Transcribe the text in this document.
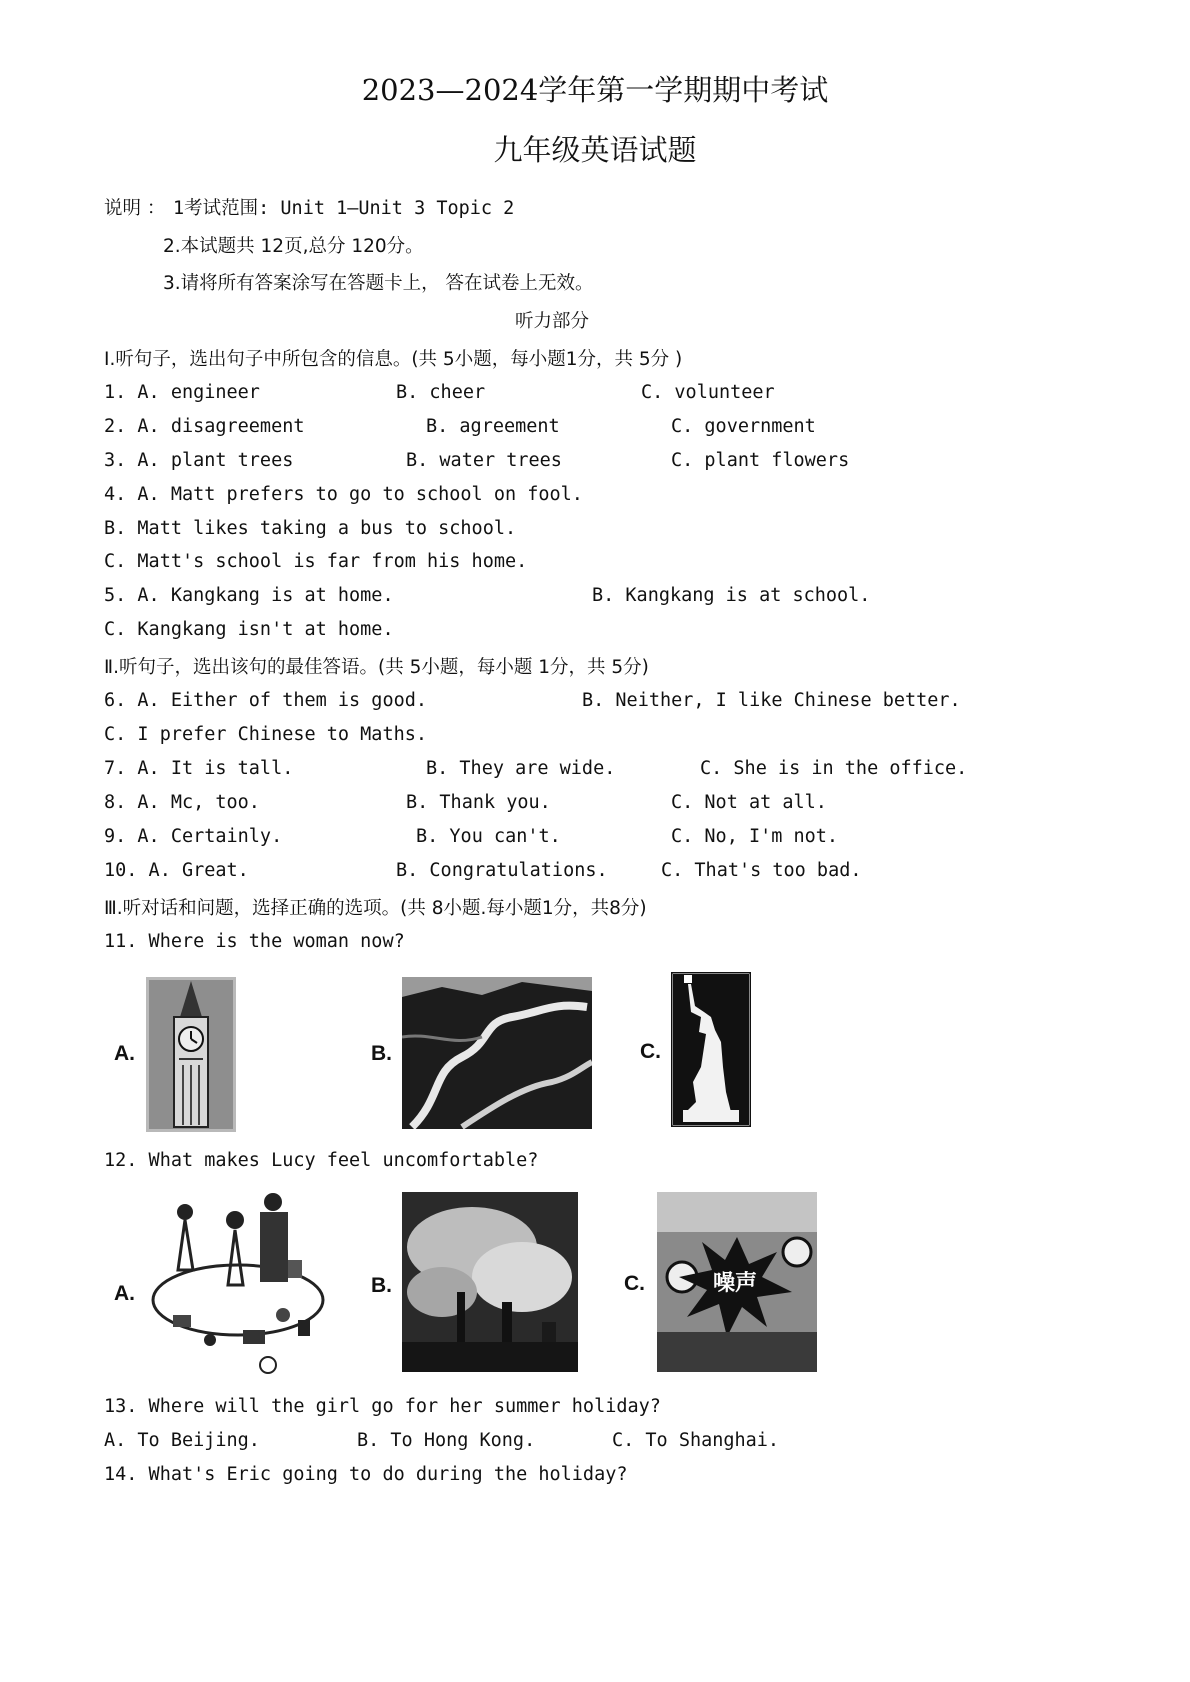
2023—2024学年第一学期期中考试
九年级英语试题
说明 ： 1考试范围: Unit 1—Unit 3 Topic 2
2.本试题共 12页,总分 120分。
3.请将所有答案涂写在答题卡上， 答在试卷上无效。
听力部分
Ⅰ.听句子，选出句子中所包含的信息。(共 5小题，每小题1分，共 5分 )
1. A. engineer	B. cheer	C. volunteer
2. A. disagreement	B. agreement	C. government
3. A. plant trees	B. water trees	C. plant flowers
4. A. Matt prefers to go to school on fool.
B. Matt likes taking a bus to school.
C. Matt's school is far from his home.
5. A. Kangkang is at home.	B. Kangkang is at school.
C. Kangkang isn't at home.
Ⅱ.听句子，选出该句的最佳答语。(共 5小题，每小题 1分，共 5分)
6. A. Either of them is good.	B. Neither, I like Chinese better.
C. I prefer Chinese to Maths.
7. A. It is tall.	B. They are wide.	C. She is in the office.
8. A. Mc, too.	B. Thank you.	C. Not at all.
9. A. Certainly.	B. You can't.	C. No, I'm not.
10. A. Great.	B. Congratulations.	C. That's too bad.
Ⅲ.听对话和问题，选择正确的选项。(共 8小题.每小题1分，共8分)
11. Where is the woman now?
A.	B.	C.
12. What makes Lucy feel uncomfortable?
A.	B.	C.	噪声
13. Where will the girl go for her summer holiday?
A. To Beijing.	B. To Hong Kong.	C. To Shanghai.
14. What's Eric going to do during the holiday?
